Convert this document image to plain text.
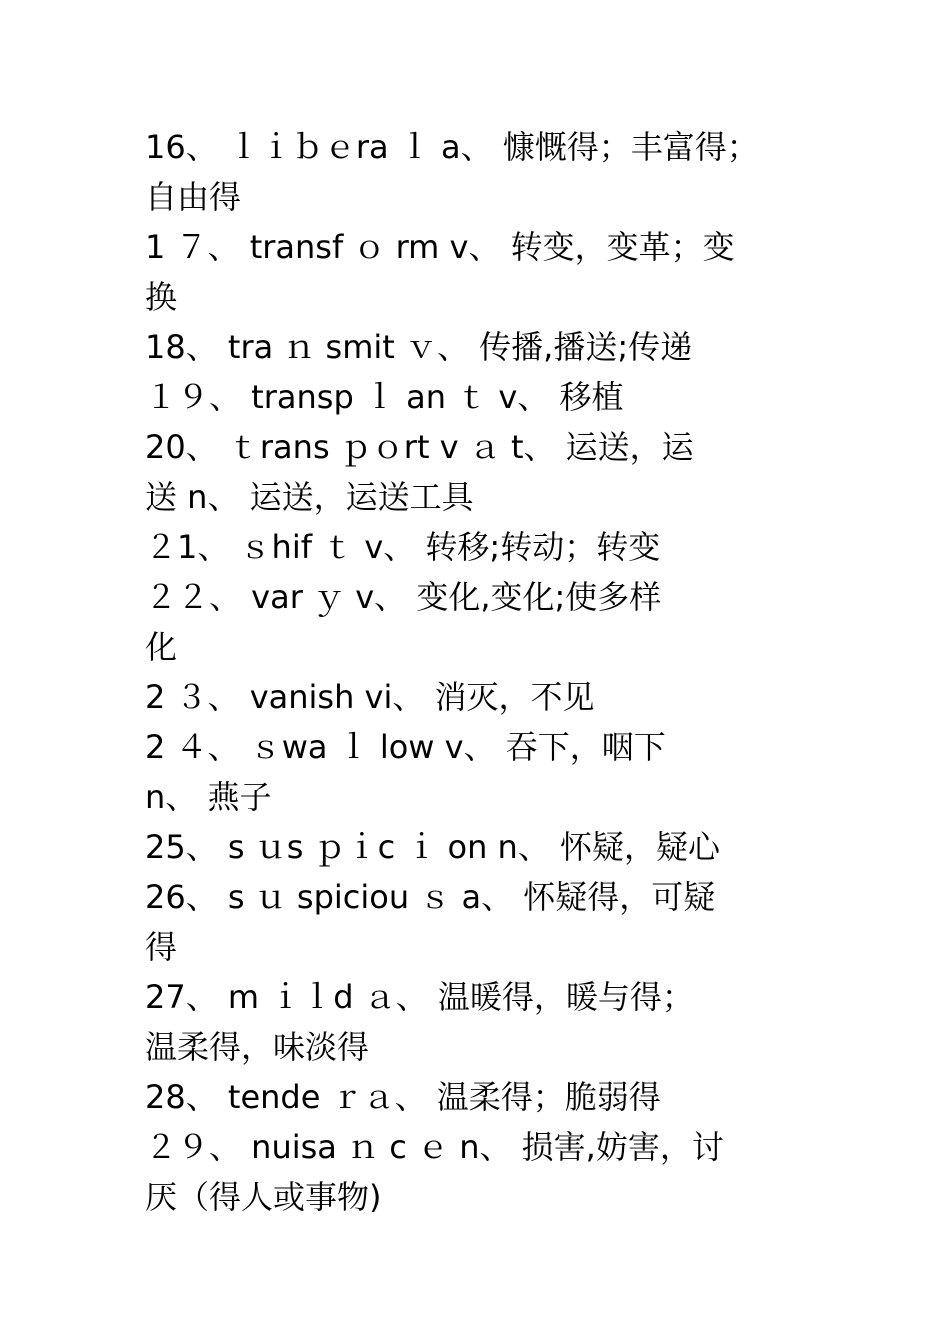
16、 ｌｉｂｅra ｌ a、 慷慨得；丰富得；
自由得
1 ７、 transf ｏ rm v、 转变，变革；变
换
18、 tra ｎ smit ｖ、 传播,播送;传递
１９、 transp ｌ an ｔ v、 移植
20、 ｔrans ｐｏrt v ａ t、 运送，运
送 n、 运送，运送工具
２1、 ｓhif ｔ v、 转移;转动；转变
２２、 var ｙ v、 变化,变化;使多样
化
2 ３、 vanish vi、 消灭，不见
2 ４、 ｓwa ｌ low v、 吞下，咽下
n、 燕子
25、 s ｕs ｐｉc ｉ on n、 怀疑，疑心
26、 s ｕ spiciou ｓ a、 怀疑得，可疑
得
27、 m ｉｌd ａ、 温暖得，暖与得；
温柔得，味淡得
28、 tende ｒａ、 温柔得；脆弱得
２９、 nuisa ｎ c ｅ n、 损害,妨害，讨
厌（得人或事物)
